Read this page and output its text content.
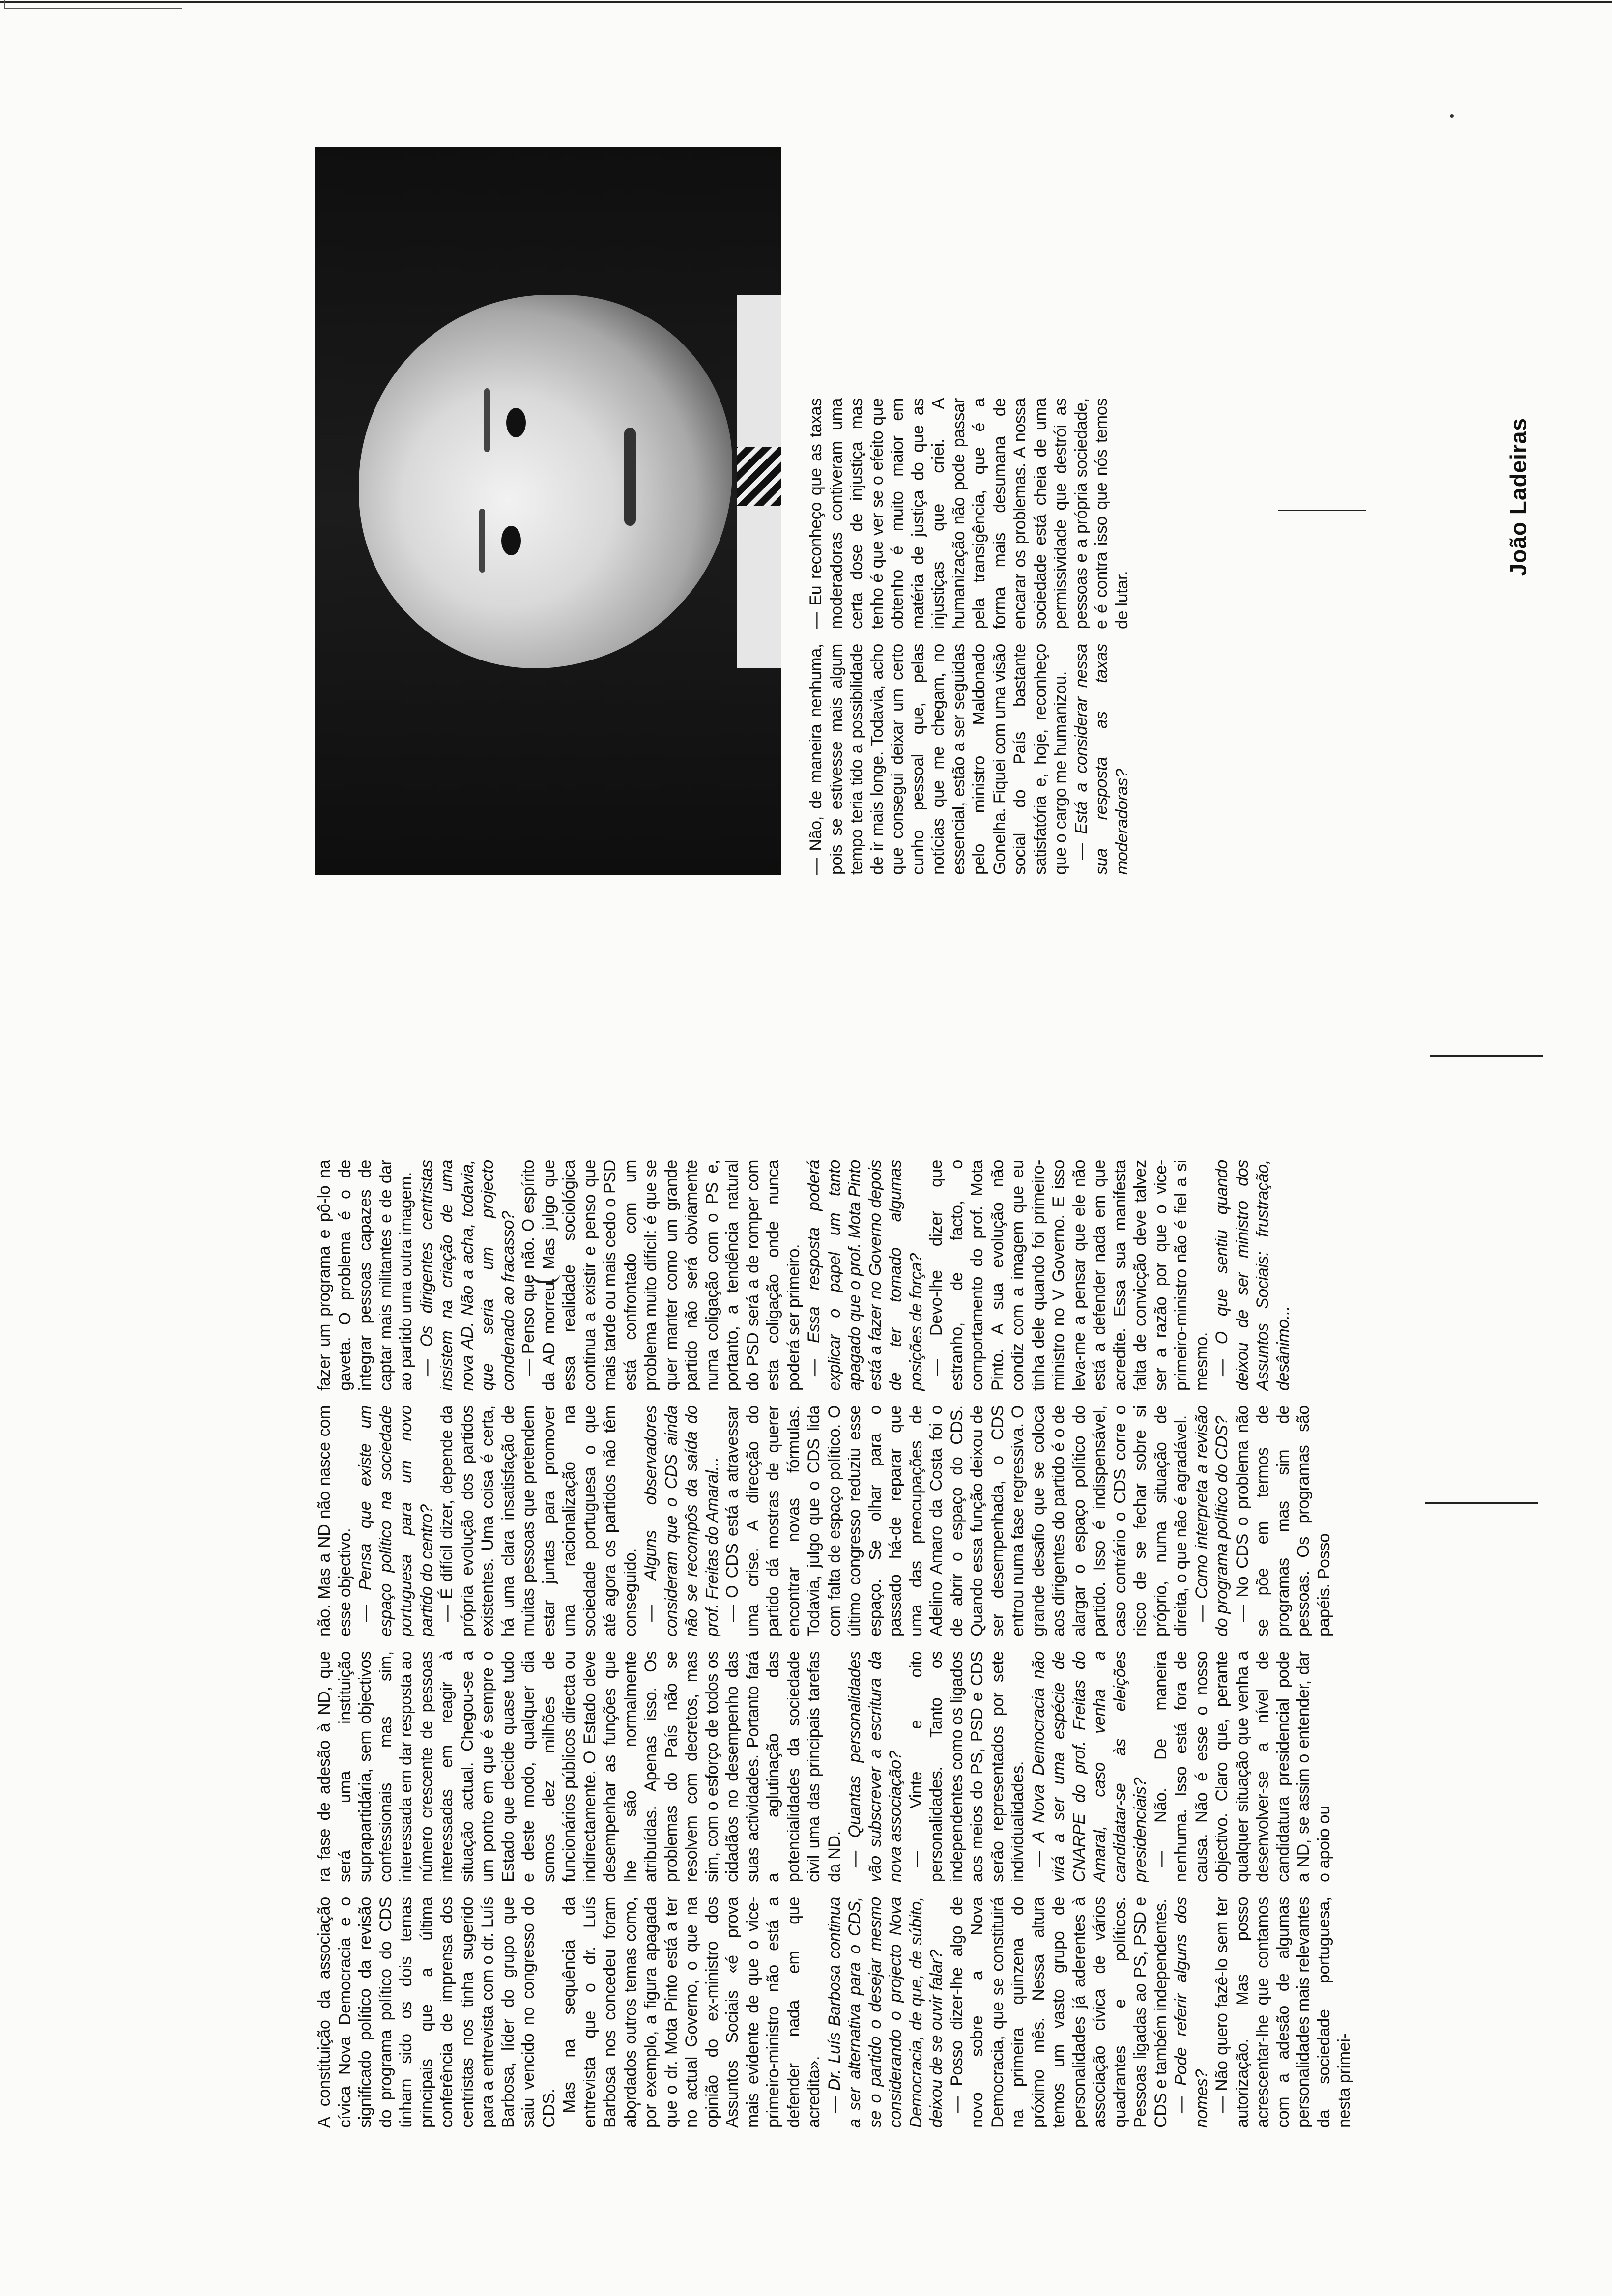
A constituição da associação cívica Nova Democracia e o significado político da revisão do programa político do CDS tinham sido os dois temas principais que a última conferência de imprensa dos centristas nos tinha sugerido para a entrevista com o dr. Luís Barbosa, líder do grupo que saiu vencido no congresso do CDS. Mas na sequência da entrevista que o dr. Luís Barbosa nos concedeu foram abordados outros temas como, por exemplo, a figura apagada que o dr. Mota Pinto está a ter no actual Governo, o que na opinião do ex-ministro dos Assuntos Sociais «é prova mais evidente de que o vice-primeiro-ministro não está a defender nada em que acredita». — Dr. Luís Barbosa continua a ser alternativa para o CDS, se o partido o desejar mesmo considerando o projecto Nova Democracia, de que, de súbito, deixou de se ouvir falar? — Posso dizer-lhe algo de novo sobre a Nova Democracia, que se constituirá na primeira quinzena do próximo mês. Nessa altura temos um vasto grupo de personalidades já aderentes à associação cívica de vários quadrantes e políticos. Pessoas ligadas ao PS, PSD e CDS e também independentes. — Pode referir alguns dos nomes? — Não quero fazê-lo sem ter autorização. Mas posso acrescentar-lhe que contamos com a adesão de algumas personalidades mais relevantes da sociedade portuguesa, nesta primei-

ra fase de adesão à ND, que será uma instituição suprapartidária, sem objectivos confessionais mas sim, interessada em dar resposta ao número crescente de pessoas interessadas em reagir à situação actual. Chegou-se a um ponto em que é sempre o Estado que decide quase tudo e deste modo, qualquer dia somos dez milhões de funcionários públicos directa ou indirectamente. O Estado deve desempenhar as funções que lhe são normalmente atribuídas. Apenas isso. Os problemas do País não se resolvem com decretos, mas sim, com o esforço de todos os cidadãos no desempenho das suas actividades. Portanto fará a aglutinação das potencialidades da sociedade civil uma das principais tarefas da ND. — Quantas personalidades vão subscrever a escritura da nova associação? — Vinte e oito personalidades. Tanto os independentes como os ligados aos meios do PS, PSD e CDS serão representados por sete individualidades. — A Nova Democracia não virá a ser uma espécie de CNARPE do prof. Freitas do Amaral, caso venha a candidatar-se às eleições presidenciais? — Não. De maneira nenhuma. Isso está fora de causa. Não é esse o nosso objectivo. Claro que, perante qualquer situação que venha a desenvolver-se a nível de candidatura presidencial pode a ND, se assim o entender, dar o apoio ou

não. Mas a ND não nasce com esse objectivo. — Pensa que existe um espaço político na sociedade portuguesa para um novo partido do centro? — É difícil dizer, depende da própria evolução dos partidos existentes. Uma coisa é certa, há uma clara insatisfação de muitas pessoas que pretendem estar juntas para promover uma racionalização na sociedade portuguesa o que até agora os partidos não têm conseguido. — Alguns observadores consideram que o CDS ainda não se recompôs da saída do prof. Freitas do Amaral... — O CDS está a atravessar uma crise. A direcção do partido dá mostras de querer encontrar novas fórmulas. Todavia, julgo que o CDS lida com falta de espaço político. O último congresso reduziu esse espaço. Se olhar para o passado há-de reparar que uma das preocupações de Adelino Amaro da Costa foi o de abrir o espaço do CDS. Quando essa função deixou de ser desempenhada, o CDS entrou numa fase regressiva. O grande desafio que se coloca aos dirigentes do partido é o de alargar o espaço político do partido. Isso é indispensável, caso contrário o CDS corre o risco de se fechar sobre si próprio, numa situação de direita, o que não é agradável. — Como interpreta a revisão do programa político do CDS? — No CDS o problema não se põe em termos de programas mas sim de pessoas. Os programas são papéis. Posso

fazer um programa e pô-lo na gaveta. O problema é o de integrar pessoas capazes de captar mais militantes e de dar ao partido uma outra imagem. — Os dirigentes centristas insistem na criação de uma nova AD. Não a acha, todavia, que seria um projecto condenado ao fracasso? — Penso que não. O espírito da AD morreu. Mas julgo que essa realidade sociológica continua a existir e penso que mais tarde ou mais cedo o PSD está confrontado com um problema muito difícil: é que se quer manter como um grande partido não será obviamente numa coligação com o PS e, portanto, a tendência natural do PSD será a de romper com esta coligação onde nunca poderá ser primeiro. — Essa resposta poderá explicar o papel um tanto apagado que o prof. Mota Pinto está a fazer no Governo depois de ter tomado algumas posições de força? — Devo-lhe dizer que estranho, de facto, o comportamento do prof. Mota Pinto. A sua evolução não condiz com a imagem que eu tinha dele quando foi primeiro-ministro no V Governo. E isso leva-me a pensar que ele não está a defender nada em que acredite. Essa sua manifesta falta de convicção deve talvez ser a razão por que o vice-primeiro-ministro não é fiel a si mesmo. — O que sentiu quando deixou de ser ministro dos Assuntos Sociais: frustração, desânimo...

— Não, de maneira nenhuma, pois se estivesse mais algum tempo teria tido a possibilidade de ir mais longe. Todavia, acho que consegui deixar um certo cunho pessoal que, pelas notícias que me chegam, no essencial, estão a ser seguidas pelo ministro Maldonado Gonelha. Fiquei com uma visão social do País bastante satisfatória e, hoje, reconheço que o cargo me humanizou. — Está a considerar nessa sua resposta as taxas moderadoras?

— Eu reconheço que as taxas moderadoras contiveram uma certa dose de injustiça mas tenho é que ver se o efeito que obtenho é muito maior em matéria de justiça do que as injustiças que criei. A humanização não pode passar pela transigência, que é a forma mais desumana de encarar os problemas. A nossa sociedade está cheia de uma permissividade que destrói as pessoas e a própria sociedade, e é contra isso que nós temos de lutar.

João Ladeiras
